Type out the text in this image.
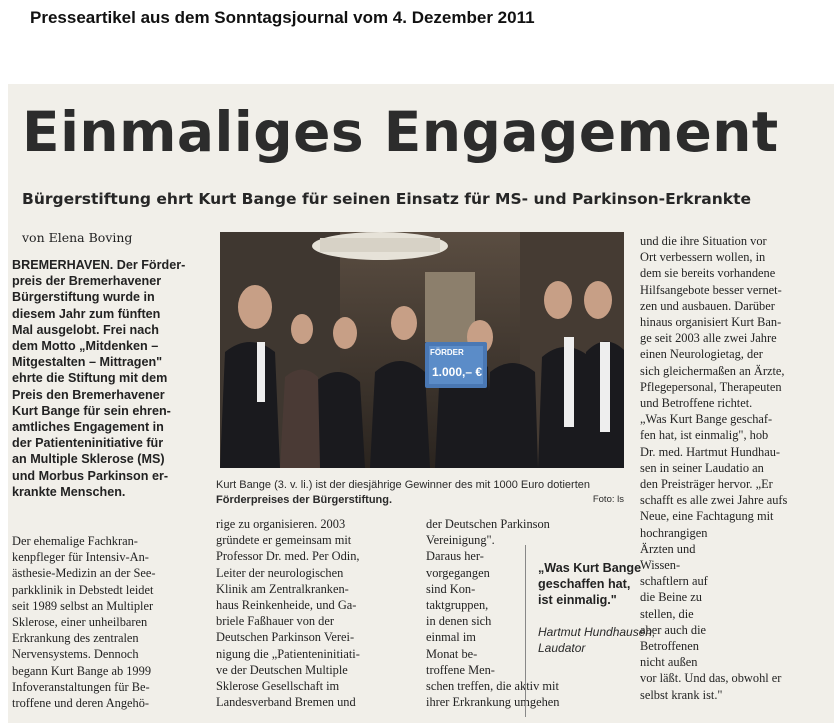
Presseartikel aus dem Sonntagsjournal vom 4. Dezember 2011
Einmaliges Engagement
Bürgerstiftung ehrt Kurt Bange für seinen Einsatz für MS- und Parkinson-Erkrankte
von Elena Boving
BREMERHAVEN. Der Förder-
preis der Bremerhavener
Bürgerstiftung wurde in
diesem Jahr zum fünften
Mal ausgelobt. Frei nach
dem Motto „Mitdenken –
Mitgestalten – Mittragen"
ehrte die Stiftung mit dem
Preis den Bremerhavener
Kurt Bange für sein ehren-
amtliches Engagement in
der Patienteninitiative für
an Multiple Sklerose (MS)
und Morbus Parkinson er-
krankte Menschen.
FÖRDER
1.000,– €
Kurt Bange (3. v. li.) ist der diesjährige Gewinner des mit 1000 Euro dotierten Förderpreises der Bürgerstiftung.	Foto: ls
Der ehemalige Fachkran-
kenpfleger für Intensiv-An-
ästhesie-Medizin an der See-
parkklinik in Debstedt leidet
seit 1989 selbst an Multipler
Sklerose, einer unheilbaren
Erkrankung des zentralen
Nervensystems. Dennoch
begann Kurt Bange ab 1999
Infoveranstaltungen für Be-
troffene und deren Angehö-
rige zu organisieren. 2003
gründete er gemeinsam mit
Professor Dr. med. Per Odin,
Leiter der neurologischen
Klinik am Zentralkranken-
haus Reinkenheide, und Ga-
briele Faßhauer von der
Deutschen Parkinson Verei-
nigung die „Patienteninitiati-
ve der Deutschen Multiple
Sklerose Gesellschaft im
Landesverband Bremen und
der Deutschen Parkinson
Vereinigung".
Daraus her-
vorgegangen
sind Kon-
taktgruppen,
in denen sich
einmal im
Monat be-
troffene Men-
schen treffen, die aktiv mit
ihrer Erkrankung umgehen
und die ihre Situation vor
Ort verbessern wollen, in
dem sie bereits vorhandene
Hilfsangebote besser vernet-
zen und ausbauen. Darüber
hinaus organisiert Kurt Ban-
ge seit 2003 alle zwei Jahre
einen Neurologietag, der
sich gleichermaßen an Ärzte,
Pflegepersonal, Therapeuten
und Betroffene richtet.
„Was Kurt Bange geschaf-
fen hat, ist einmalig", hob
Dr. med. Hartmut Hundhau-
sen in seiner Laudatio an
den Preisträger hervor. „Er
schafft es alle zwei Jahre aufs
Neue, eine Fachtagung mit
hochrangigen
Ärzten und
Wissen-
schaftlern auf
die Beine zu
stellen, die
aber auch die
Betroffenen
nicht außen
vor läßt. Und das, obwohl er
selbst krank ist."
„Was Kurt Bange
geschaffen hat,
ist einmalig."
Hartmut Hundhausen,
Laudator
